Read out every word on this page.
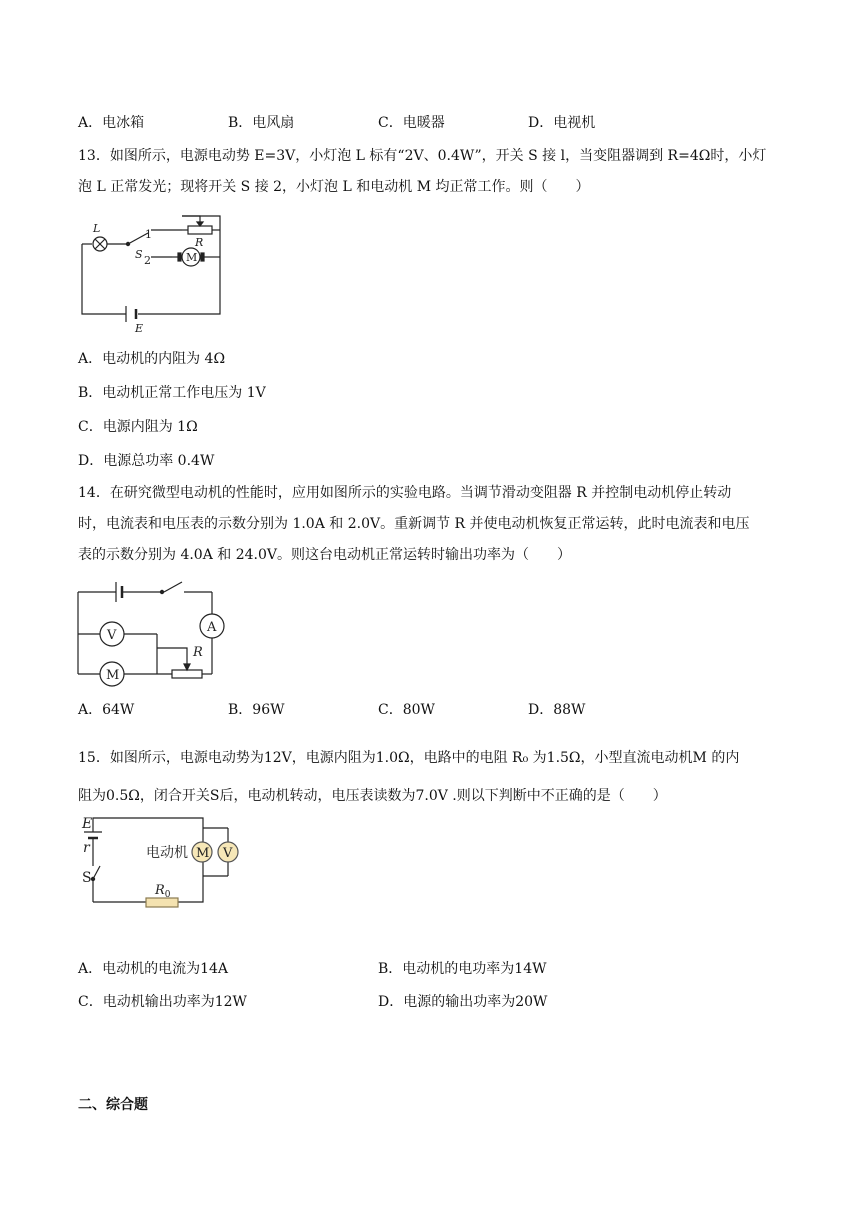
A．电冰箱	B．电风扇	C．电暖器	D．电视机
13．如图所示，电源电动势 E=3V，小灯泡 L 标有“2V、0.4W”，开关 S 接 l，当变阻器调到 R=4Ω时，小灯
泡 L 正常发光；现将开关 S 接 2，小灯泡 L 和电动机 M 均正常工作。则（　　）
L
S
1
2
R
M
E
A．电动机的内阻为 4Ω
B．电动机正常工作电压为 1V
C．电源内阻为 1Ω
D．电源总功率 0.4W
14．在研究微型电动机的性能时，应用如图所示的实验电路。当调节滑动变阻器 R 并控制电动机停止转动
时，电流表和电压表的示数分别为 1.0A 和 2.0V。重新调节 R 并使电动机恢复正常运转，此时电流表和电压
表的示数分别为 4.0A 和 24.0V。则这台电动机正常运转时输出功率为（　　）
A
V
M
R
A．64W	B．96W	C．80W	D．88W
15．如图所示，电源电动势为12V，电源内阻为1.0Ω，电路中的电阻 R₀ 为1.5Ω，小型直流电动机M 的内
阻为0.5Ω，闭合开关S后，电动机转动，电压表读数为7.0V .则以下判断中不正确的是（　　）
E
r
S
电动机 M V
$R_0$
A．电动机的电流为14A	B．电动机的电功率为14W
C．电动机输出功率为12W	D．电源的输出功率为20W
二、综合题
